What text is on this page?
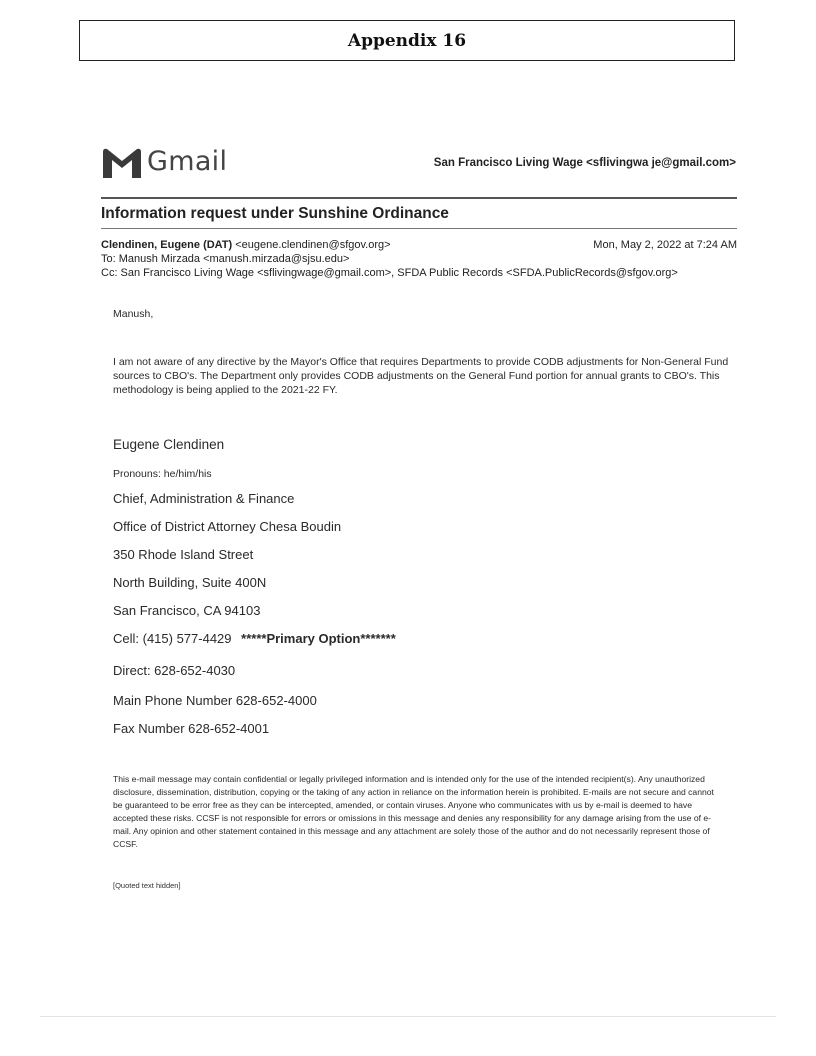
Appendix 16
Gmail	San Francisco Living Wage <sflivingwa je@gmail.com>
Information request under Sunshine Ordinance
Clendinen, Eugene (DAT) <eugene.clendinen@sfgov.org>	Mon, May 2, 2022 at 7:24 AM
To: Manush Mirzada <manush.mirzada@sjsu.edu>
Cc: San Francisco Living Wage <sflivingwage@gmail.com>, SFDA Public Records <SFDA.PublicRecords@sfgov.org>
Manush,
I am not aware of any directive by the Mayor's Office that requires Departments to provide CODB adjustments for Non-General Fund sources to CBO's. The Department only provides CODB adjustments on the General Fund portion for annual grants to CBO's. This methodology is being applied to the 2021-22 FY.
Eugene Clendinen
Pronouns: he/him/his
Chief, Administration & Finance
Office of District Attorney Chesa Boudin
350 Rhode Island Street
North Building, Suite 400N
San Francisco, CA 94103
Cell: (415) 577-4429 *****Primary Option*******
Direct: 628-652-4030
Main Phone Number 628-652-4000
Fax Number 628-652-4001
This e-mail message may contain confidential or legally privileged information and is intended only for the use of the intended recipient(s). Any unauthorized disclosure, dissemination, distribution, copying or the taking of any action in reliance on the information herein is prohibited. E-mails are not secure and cannot be guaranteed to be error free as they can be intercepted, amended, or contain viruses. Anyone who communicates with us by e-mail is deemed to have accepted these risks. CCSF is not responsible for errors or omissions in this message and denies any responsibility for any damage arising from the use of e-mail. Any opinion and other statement contained in this message and any attachment are solely those of the author and do not necessarily represent those of CCSF.
[Quoted text hidden]
